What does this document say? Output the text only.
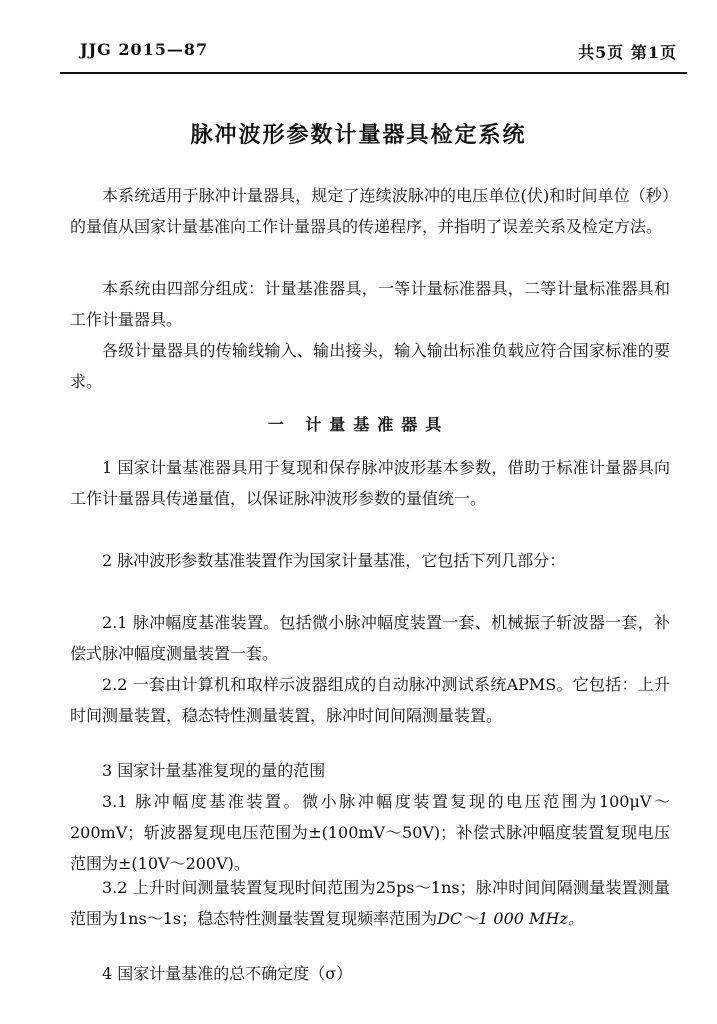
JJG 2015—87	共5页 第1页
脉冲波形参数计量器具检定系统
本系统适用于脉冲计量器具，规定了连续波脉冲的电压单位(伏)和时间单位（秒）的量值从国家计量基准向工作计量器具的传递程序，并指明了误差关系及检定方法。
本系统由四部分组成：计量基准器具，一等计量标准器具，二等计量标准器具和工作计量器具。
各级计量器具的传输线输入、输出接头，输入输出标准负载应符合国家标准的要求。
一 计量基准器具
1 国家计量基准器具用于复现和保存脉冲波形基本参数，借助于标准计量器具向工作计量器具传递量值，以保证脉冲波形参数的量值统一。
2 脉冲波形参数基准装置作为国家计量基准，它包括下列几部分：
2.1 脉冲幅度基准装置。包括微小脉冲幅度装置一套、机械振子斩波器一套，补偿式脉冲幅度测量装置一套。
2.2 一套由计算机和取样示波器组成的自动脉冲测试系统APMS。它包括：上升时间测量装置，稳态特性测量装置，脉冲时间间隔测量装置。
3 国家计量基准复现的量的范围
3.1 脉冲幅度基准装置。微小脉冲幅度装置复现的电压范围为100μV～200mV；斩波器复现电压范围为±(100mV～50V)；补偿式脉冲幅度装置复现电压范围为±(10V～200V)。
3.2 上升时间测量装置复现时间范围为25ps～1ns；脉冲时间间隔测量装置测量范围为1ns～1s；稳态特性测量装置复现频率范围为DC～1 000 MHz。
4 国家计量基准的总不确定度（σ）
